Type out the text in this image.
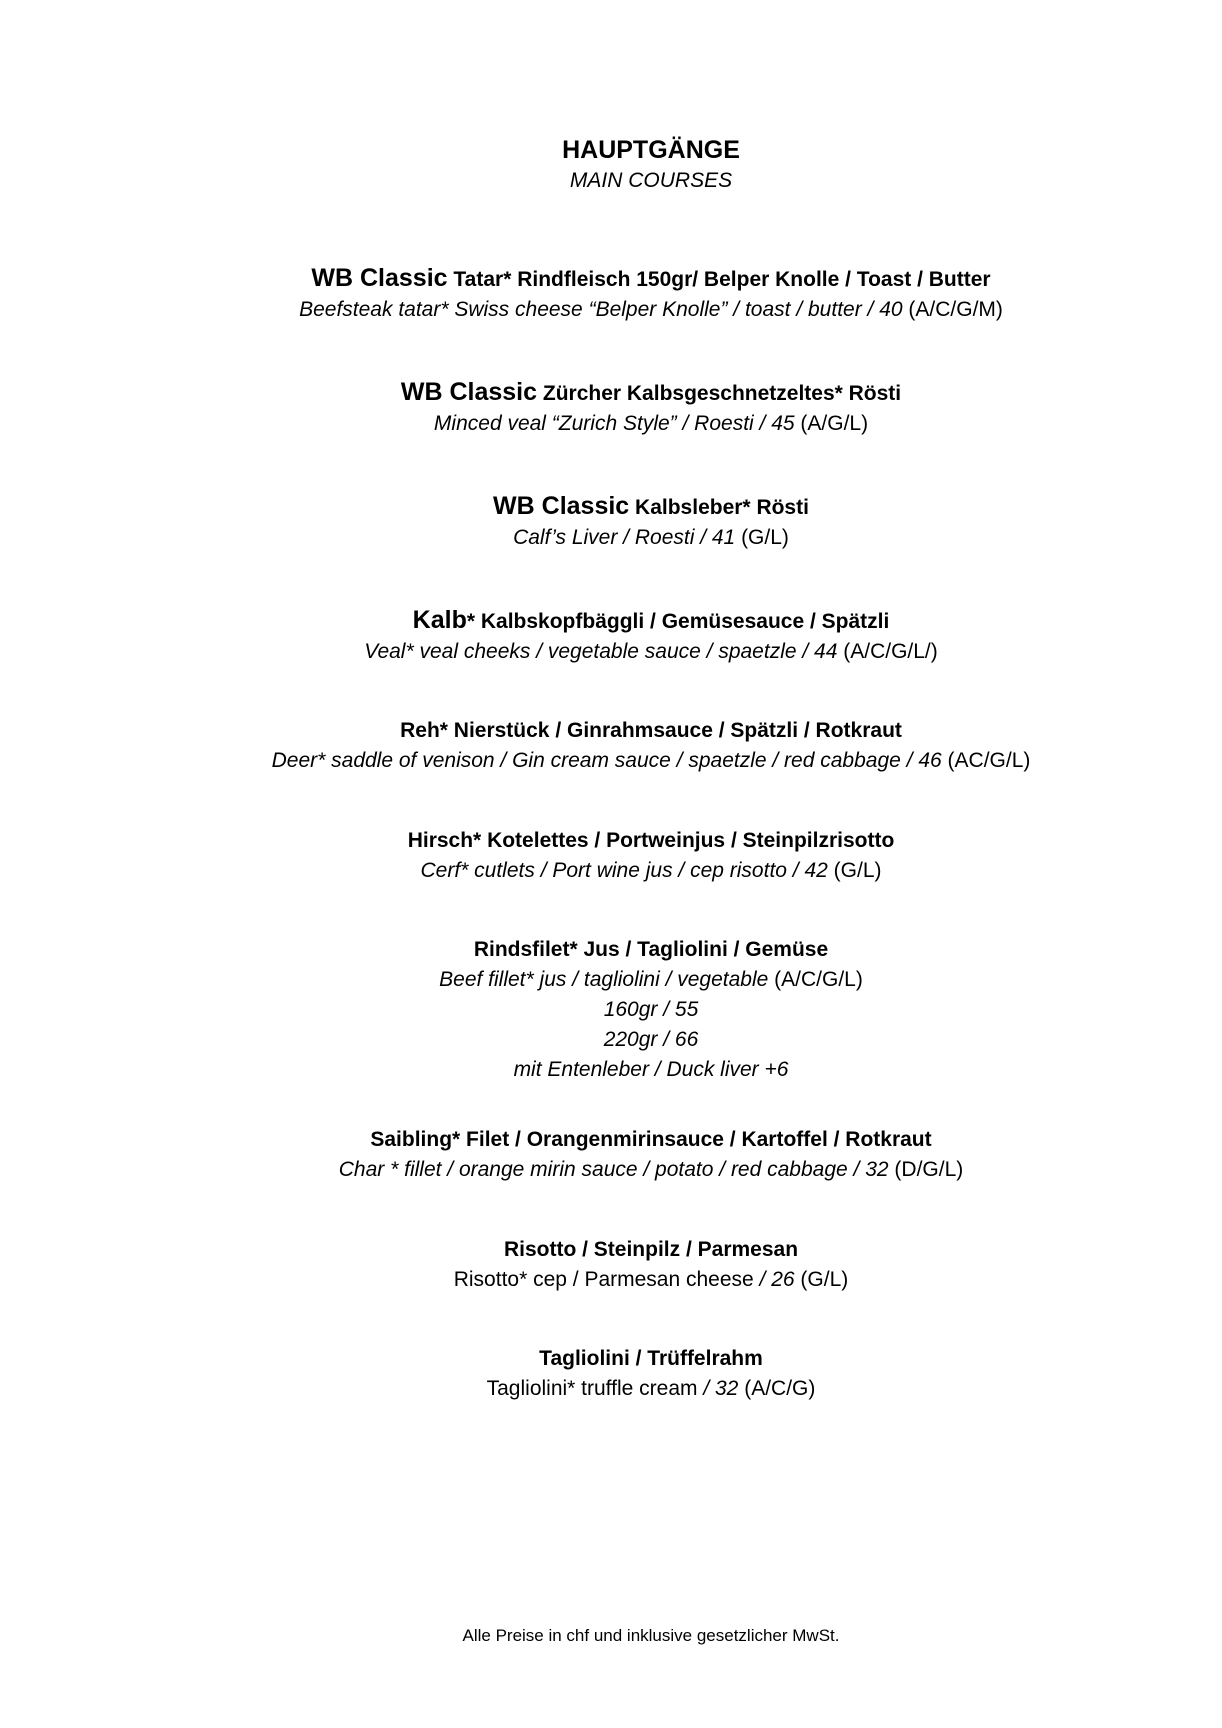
HAUPTGÄNGE
MAIN COURSES
WB Classic Tatar* Rindfleisch 150gr/ Belper Knolle / Toast / Butter
Beefsteak tatar* Swiss cheese “Belper Knolle” / toast / butter / 40 (A/C/G/M)
WB Classic Zürcher Kalbsgeschnetzeltes* Rösti
Minced veal “Zurich Style” / Roesti / 45 (A/G/L)
WB Classic Kalbsleber* Rösti
Calf’s Liver / Roesti / 41 (G/L)
Kalb* Kalbskopfbäggli / Gemüsesauce / Spätzli
Veal* veal cheeks / vegetable sauce / spaetzle / 44 (A/C/G/L/)
Reh* Nierstück / Ginrahmsauce / Spätzli / Rotkraut
Deer* saddle of venison / Gin cream sauce / spaetzle / red cabbage / 46 (AC/G/L)
Hirsch* Kotelettes / Portweinjus / Steinpilzrisotto
Cerf* cutlets / Port wine jus / cep risotto / 42 (G/L)
Rindsfilet* Jus / Tagliolini / Gemüse
Beef fillet* jus / tagliolini / vegetable (A/C/G/L)
160gr / 55
220gr / 66
mit Entenleber / Duck liver +6
Saibling* Filet / Orangenmirinsauce / Kartoffel / Rotkraut
Char * fillet / orange mirin sauce / potato / red cabbage / 32 (D/G/L)
Risotto / Steinpilz / Parmesan
Risotto* cep / Parmesan cheese / 26 (G/L)
Tagliolini / Trüffelrahm
Tagliolini* truffle cream / 32 (A/C/G)
Alle Preise in chf und inklusive gesetzlicher MwSt.
